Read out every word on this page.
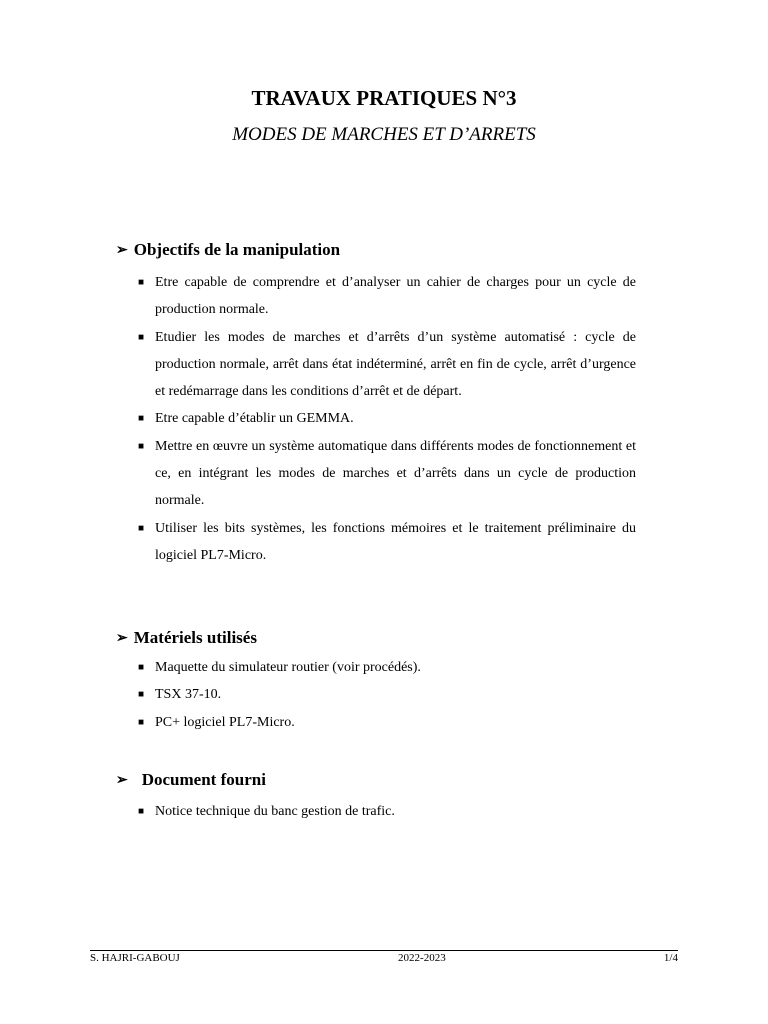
TRAVAUX PRATIQUES N°3
MODES DE MARCHES ET D’ARRETS
➢ Objectifs de la manipulation
■ Etre capable de comprendre et d’analyser un cahier de charges pour un cycle de production normale.
■ Etudier les modes de marches et d’arrêts d’un système automatisé : cycle de production normale, arrêt dans état indéterminé, arrêt en fin de cycle, arrêt d’urgence et redémarrage dans les conditions d’arrêt et de départ.
■ Etre capable d’établir un GEMMA.
■ Mettre en œuvre un système automatique dans différents modes de fonctionnement et ce, en intégrant les modes de marches et d’arrêts dans un cycle de production normale.
■ Utiliser les bits systèmes, les fonctions mémoires et le traitement préliminaire du logiciel PL7-Micro.
➢ Matériels utilisés
■ Maquette du simulateur routier (voir procédés).
■ TSX 37-10.
■ PC+ logiciel PL7-Micro.
➢ Document fourni
■ Notice technique du banc gestion de trafic.
S. HAJRI-GABOUJ	2022-2023	1/4
